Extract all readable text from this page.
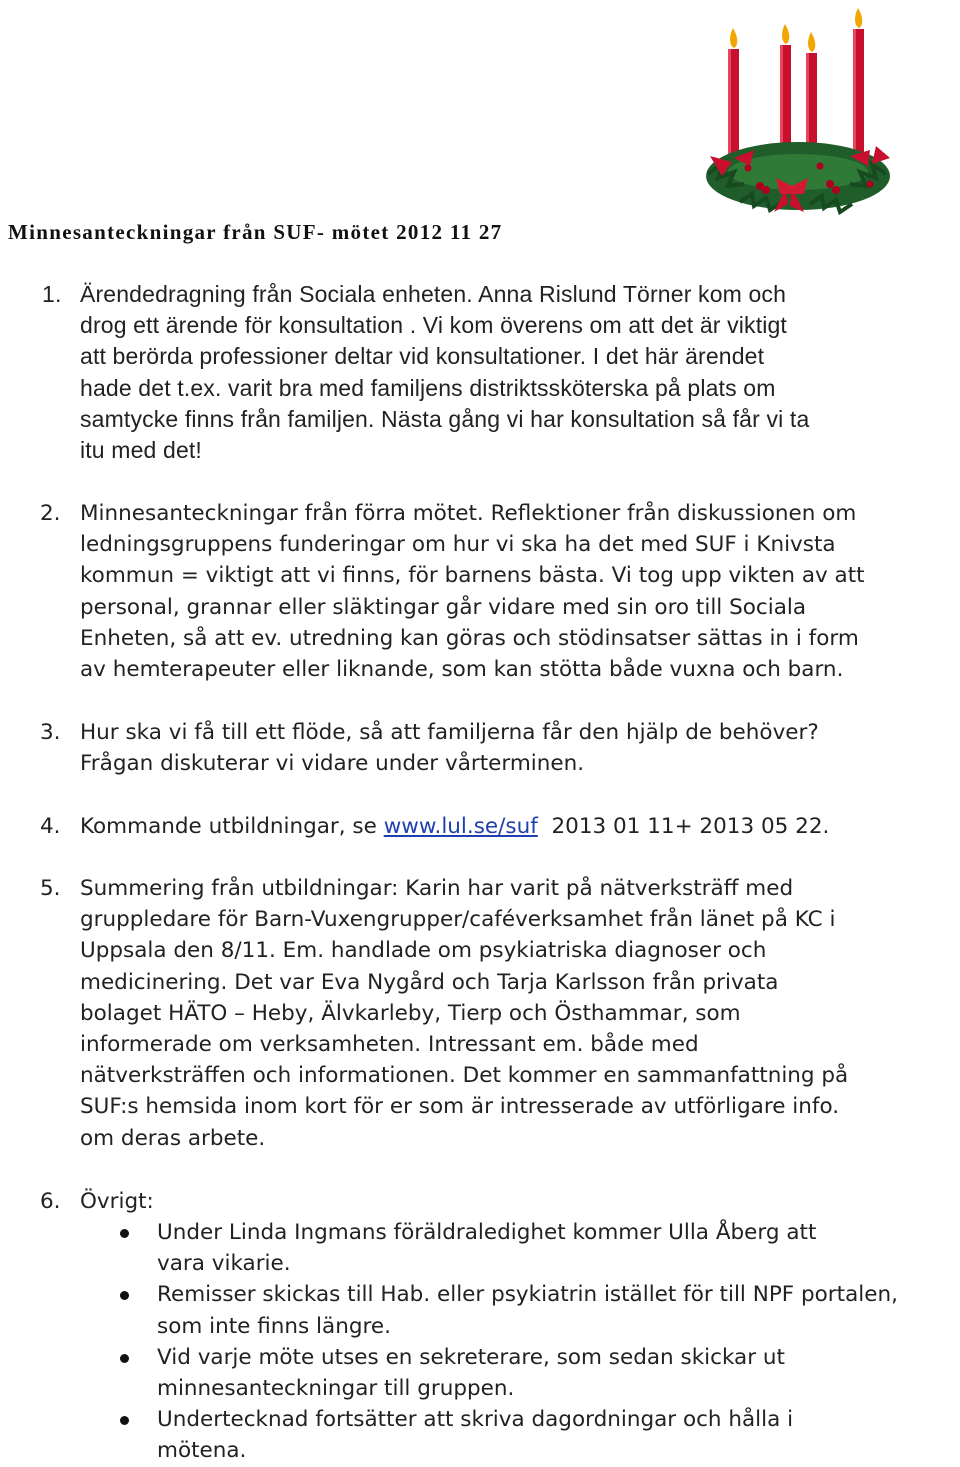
Minnesanteckningar från SUF- mötet 2012 11 27
1. Ärendedragning från Sociala enheten. Anna Rislund Törner kom och
drog ett ärende för konsultation . Vi kom överens om att det är viktigt
att berörda professioner deltar vid konsultationer. I det här ärendet
hade det t.ex. varit bra med familjens distriktssköterska på plats om
samtycke finns från familjen. Nästa gång vi har konsultation så får vi ta
itu med det!
2. Minnesanteckningar från förra mötet. Reflektioner från diskussionen om
ledningsgruppens funderingar om hur vi ska ha det med SUF i Knivsta
kommun = viktigt att vi finns, för barnens bästa. Vi tog upp vikten av att
personal, grannar eller släktingar går vidare med sin oro till Sociala
Enheten, så att ev. utredning kan göras och stödinsatser sättas in i form
av hemterapeuter eller liknande, som kan stötta både vuxna och barn.
3. Hur ska vi få till ett flöde, så att familjerna får den hjälp de behöver?
Frågan diskuterar vi vidare under vårterminen.
4. Kommande utbildningar, se www.lul.se/suf  2013 01 11+ 2013 05 22.
5. Summering från utbildningar: Karin har varit på nätverksträff med
gruppledare för Barn-Vuxengrupper/caféverksamhet från länet på KC i
Uppsala den 8/11. Em. handlade om psykiatriska diagnoser och
medicinering. Det var Eva Nygård och Tarja Karlsson från privata
bolaget HÄTO – Heby, Älvkarleby, Tierp och Östhammar, som
informerade om verksamheten. Intressant em. både med
nätverksträffen och informationen. Det kommer en sammanfattning på
SUF:s hemsida inom kort för er som är intresserade av utförligare info.
om deras arbete.
6. Övrigt:
Under Linda Ingmans föräldraledighet kommer Ulla Åberg att
vara vikarie.
Remisser skickas till Hab. eller psykiatrin istället för till NPF portalen,
som inte finns längre.
Vid varje möte utses en sekreterare, som sedan skickar ut
minnesanteckningar till gruppen.
Undertecknad fortsätter att skriva dagordningar och hålla i
mötena.
